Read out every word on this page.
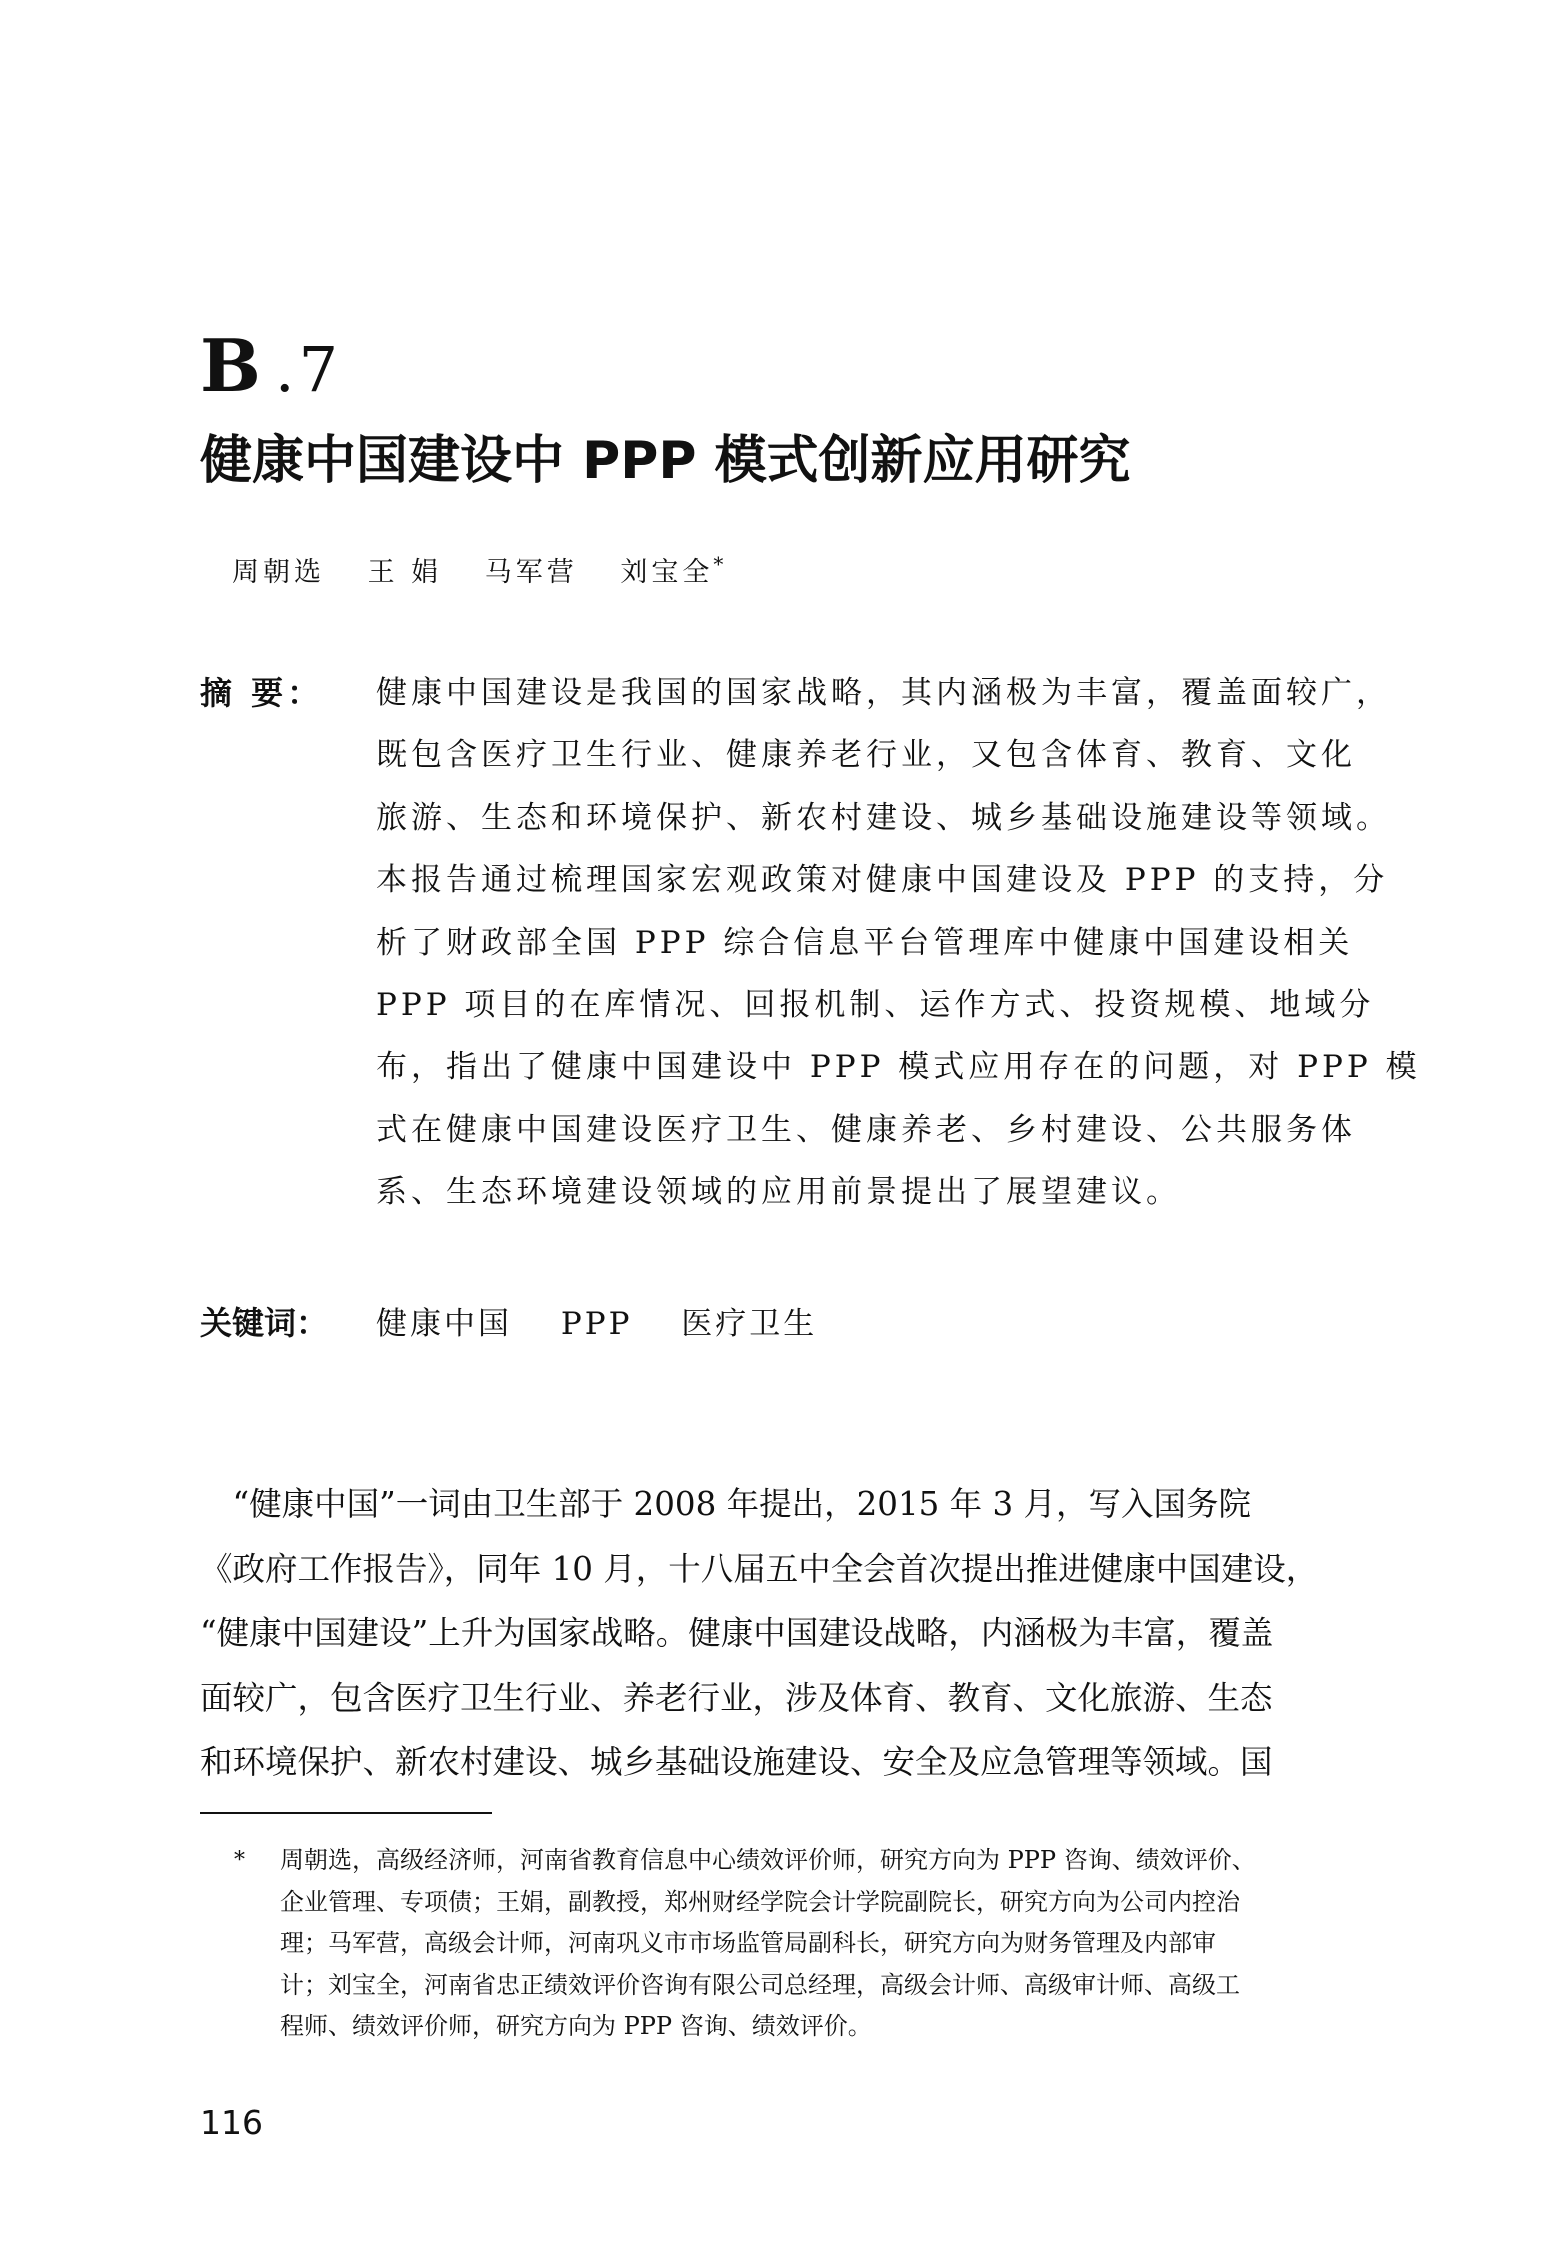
B .7
健康中国建设中 PPP 模式创新应用研究
周朝选 王 娟 马军营 刘宝全*
摘 要： 健康中国建设是我国的国家战略，其内涵极为丰富，覆盖面较广，
既包含医疗卫生行业、健康养老行业，又包含体育、教育、文化
旅游、生态和环境保护、新农村建设、城乡基础设施建设等领域。
本报告通过梳理国家宏观政策对健康中国建设及 PPP 的支持，分
析了财政部全国 PPP 综合信息平台管理库中健康中国建设相关
PPP 项目的在库情况、回报机制、运作方式、投资规模、地域分
布，指出了健康中国建设中 PPP 模式应用存在的问题，对 PPP 模
式在健康中国建设医疗卫生、健康养老、乡村建设、公共服务体
系、生态环境建设领域的应用前景提出了展望建议。
关键词： 健康中国 PPP 医疗卫生
　“健康中国”一词由卫生部于 2008 年提出，2015 年 3 月，写入国务院
《政府工作报告》，同年 10 月，十八届五中全会首次提出推进健康中国建设，
“健康中国建设”上升为国家战略。健康中国建设战略，内涵极为丰富，覆盖
面较广，包含医疗卫生行业、养老行业，涉及体育、教育、文化旅游、生态
和环境保护、新农村建设、城乡基础设施建设、安全及应急管理等领域。国
* 周朝选，高级经济师，河南省教育信息中心绩效评价师，研究方向为 PPP 咨询、绩效评价、
企业管理、专项债；王娟，副教授，郑州财经学院会计学院副院长，研究方向为公司内控治
理；马军营，高级会计师，河南巩义市市场监管局副科长，研究方向为财务管理及内部审
计；刘宝全，河南省忠正绩效评价咨询有限公司总经理，高级会计师、高级审计师、高级工
程师、绩效评价师，研究方向为 PPP 咨询、绩效评价。
116
